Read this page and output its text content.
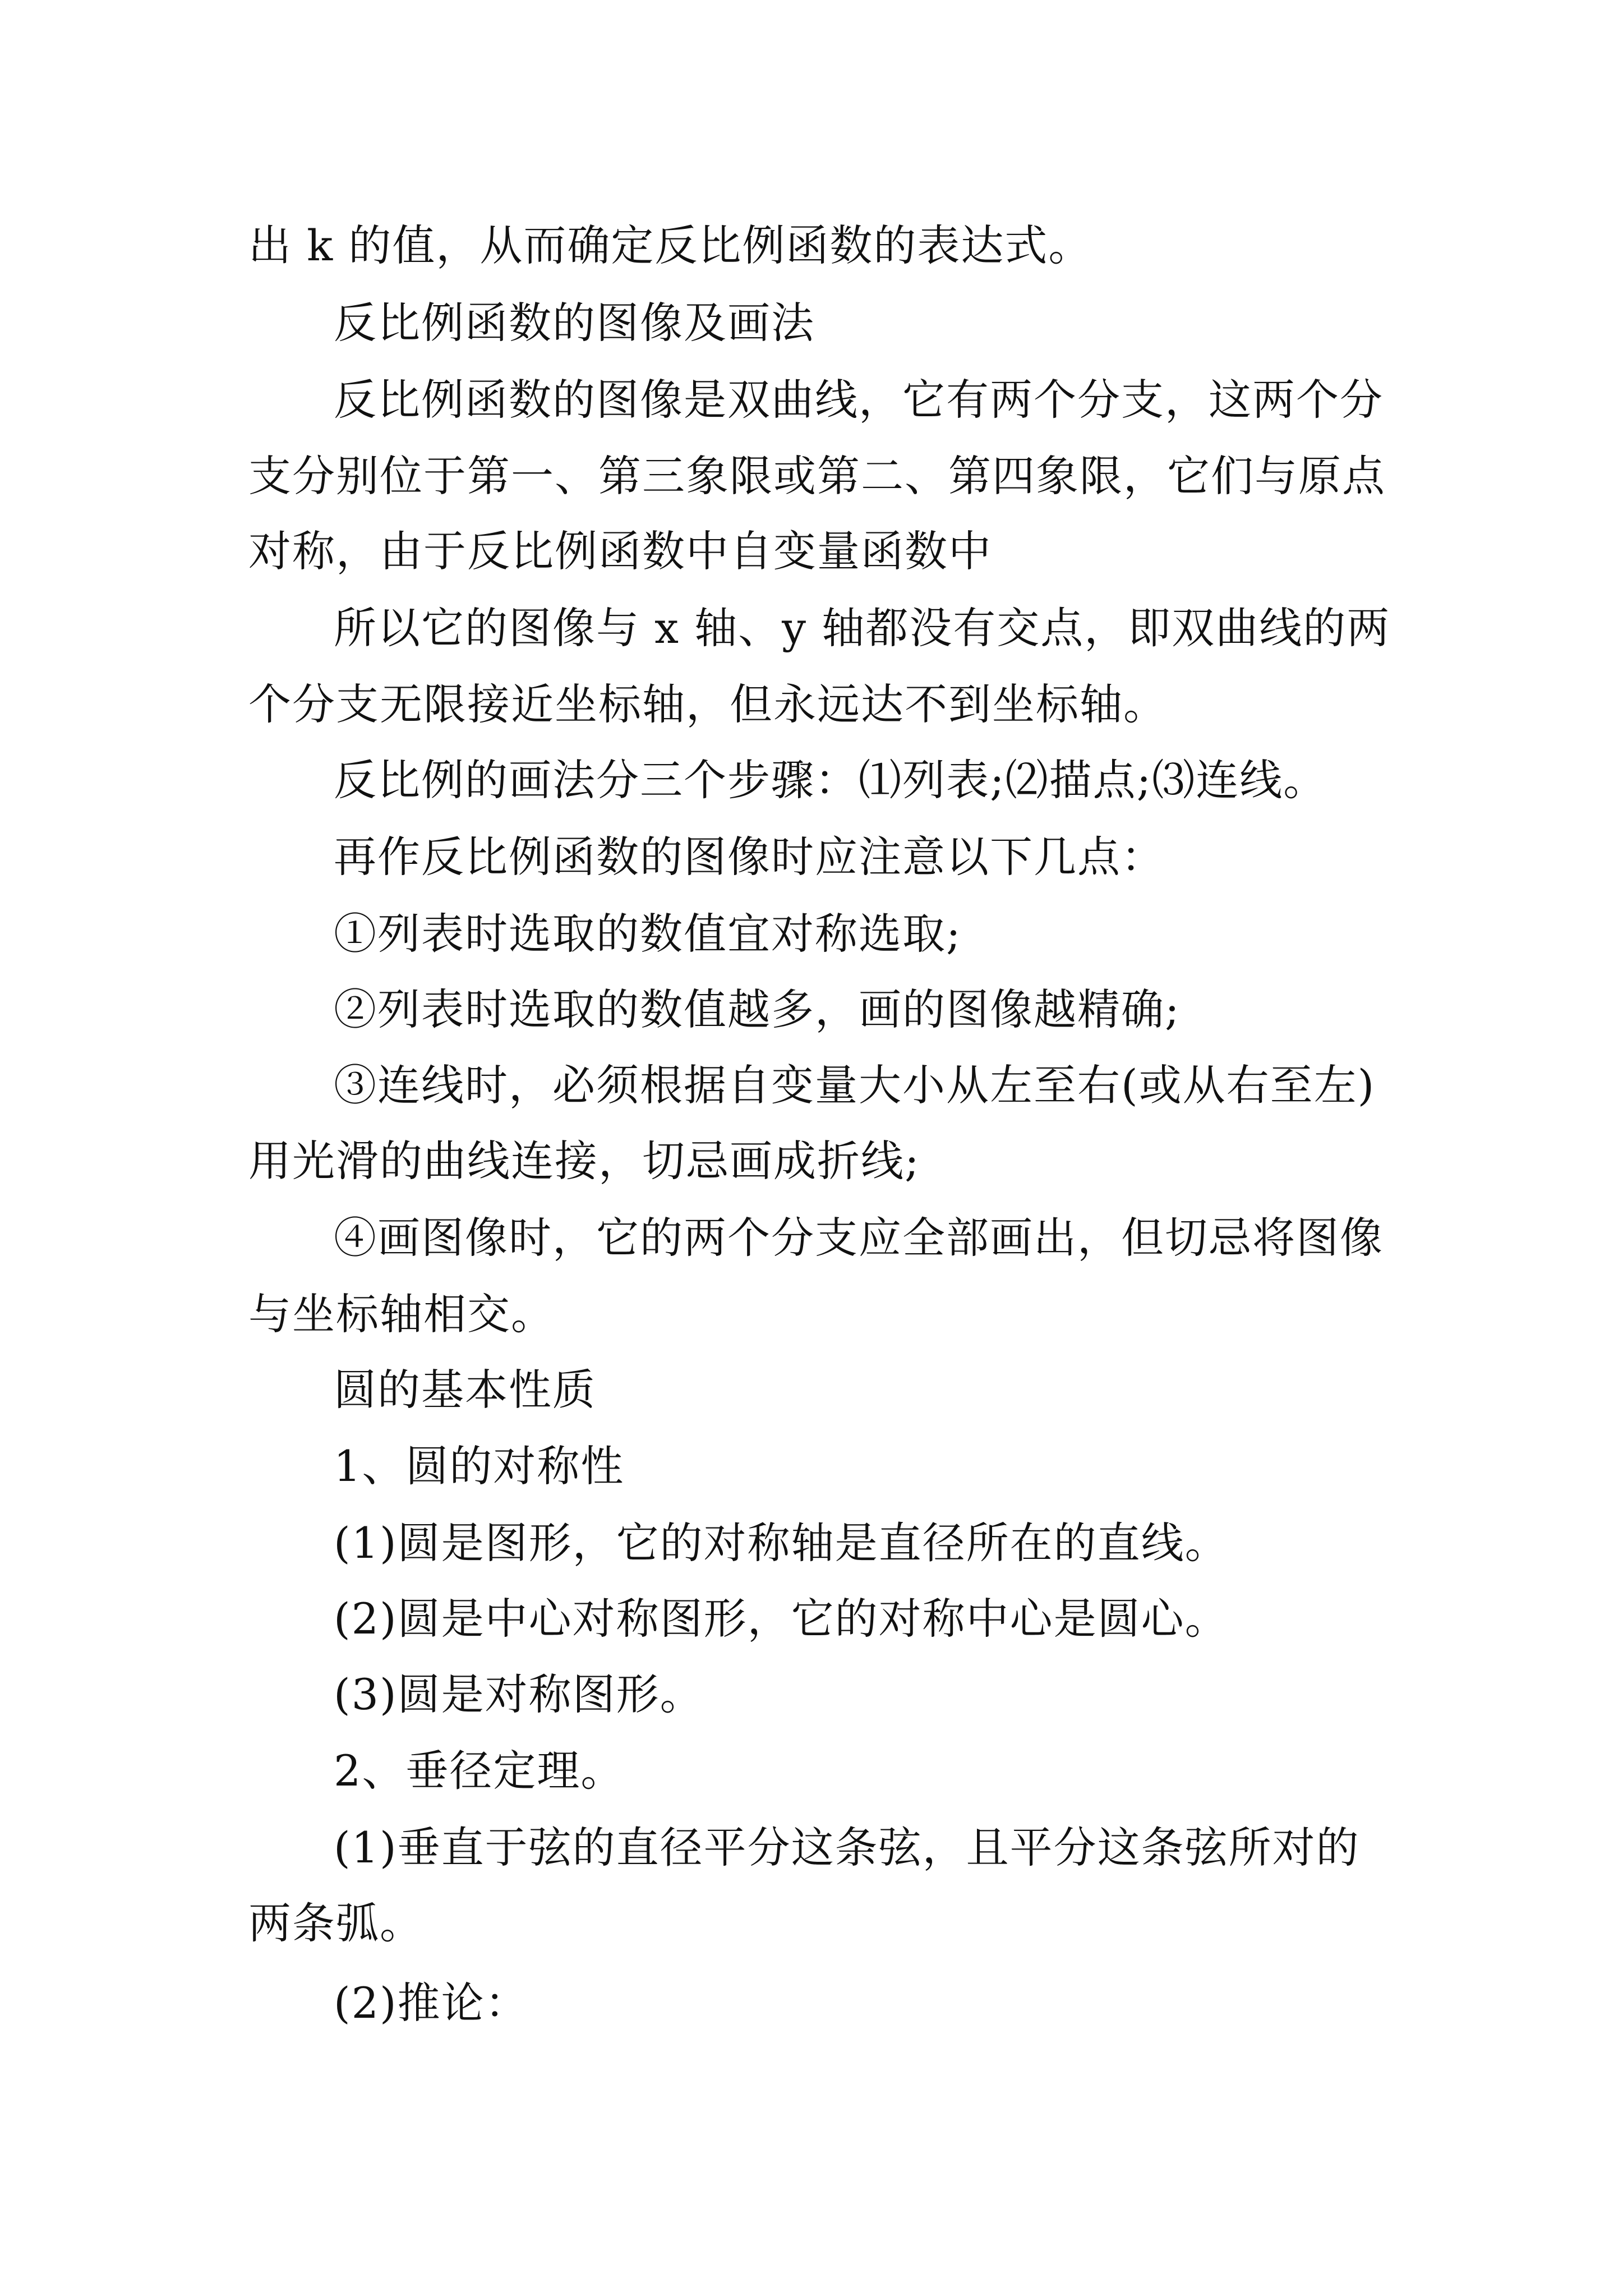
出 k 的值，从而确定反比例函数的表达式。
反比例函数的图像及画法
反比例函数的图像是双曲线，它有两个分支，这两个分
支分别位于第一、第三象限或第二、第四象限，它们与原点
对称，由于反比例函数中自变量函数中
所以它的图像与 x 轴、y 轴都没有交点，即双曲线的两
个分支无限接近坐标轴，但永远达不到坐标轴。
反比例的画法分三个步骤：⑴列表;⑵描点;⑶连线。
再作反比例函数的图像时应注意以下几点：
①列表时选取的数值宜对称选取;
②列表时选取的数值越多，画的图像越精确;
③连线时，必须根据自变量大小从左至右(或从右至左)
用光滑的曲线连接，切忌画成折线;
④画图像时，它的两个分支应全部画出，但切忌将图像
与坐标轴相交。
圆的基本性质
1、圆的对称性
(1)圆是图形，它的对称轴是直径所在的直线。
(2)圆是中心对称图形，它的对称中心是圆心。
(3)圆是对称图形。
2、垂径定理。
(1)垂直于弦的直径平分这条弦，且平分这条弦所对的
两条弧。
(2)推论：
